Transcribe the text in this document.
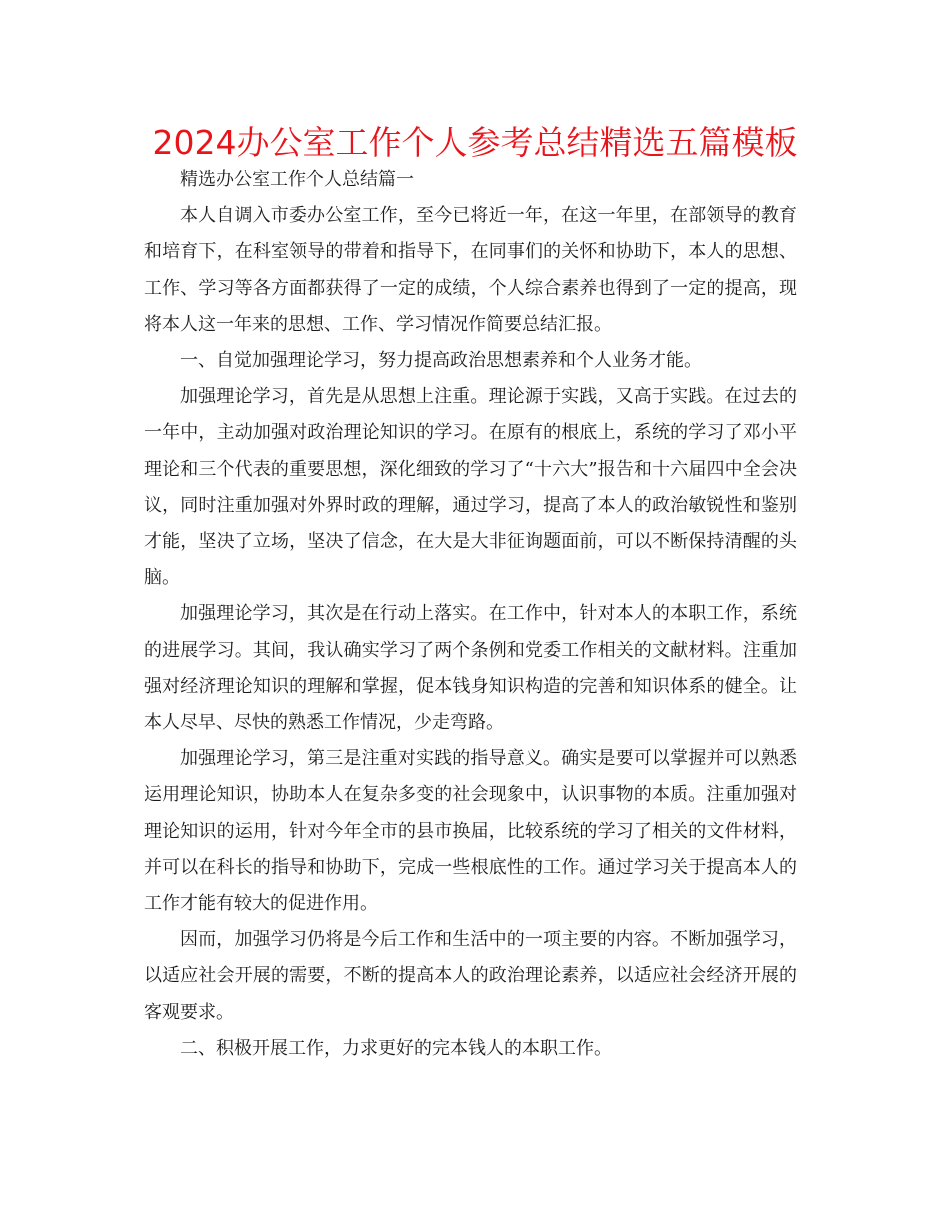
2024办公室工作个人参考总结精选五篇模板

精选办公室工作个人总结篇一

本人自调入市委办公室工作，至今已将近一年，在这一年里，在部领导的教育和培育下，在科室领导的带着和指导下，在同事们的关怀和协助下，本人的思想、工作、学习等各方面都获得了一定的成绩，个人综合素养也得到了一定的提高，现将本人这一年来的思想、工作、学习情况作简要总结汇报。

一、自觉加强理论学习，努力提高政治思想素养和个人业务才能。

加强理论学习，首先是从思想上注重。理论源于实践，又高于实践。在过去的一年中，主动加强对政治理论知识的学习。在原有的根底上，系统的学习了邓小平理论和三个代表的重要思想，深化细致的学习了“十六大”报告和十六届四中全会决议，同时注重加强对外界时政的理解，通过学习，提高了本人的政治敏锐性和鉴别才能，坚决了立场，坚决了信念，在大是大非征询题面前，可以不断保持清醒的头脑。

加强理论学习，其次是在行动上落实。在工作中，针对本人的本职工作，系统的进展学习。其间，我认确实学习了两个条例和党委工作相关的文献材料。注重加强对经济理论知识的理解和掌握，促本钱身知识构造的完善和知识体系的健全。让本人尽早、尽快的熟悉工作情况，少走弯路。

加强理论学习，第三是注重对实践的指导意义。确实是要可以掌握并可以熟悉运用理论知识，协助本人在复杂多变的社会现象中，认识事物的本质。注重加强对理论知识的运用，针对今年全市的县市换届，比较系统的学习了相关的文件材料，并可以在科长的指导和协助下，完成一些根底性的工作。通过学习关于提高本人的工作才能有较大的促进作用。

因而，加强学习仍将是今后工作和生活中的一项主要的内容。不断加强学习，以适应社会开展的需要，不断的提高本人的政治理论素养，以适应社会经济开展的客观要求。

二、积极开展工作，力求更好的完本钱人的本职工作。
